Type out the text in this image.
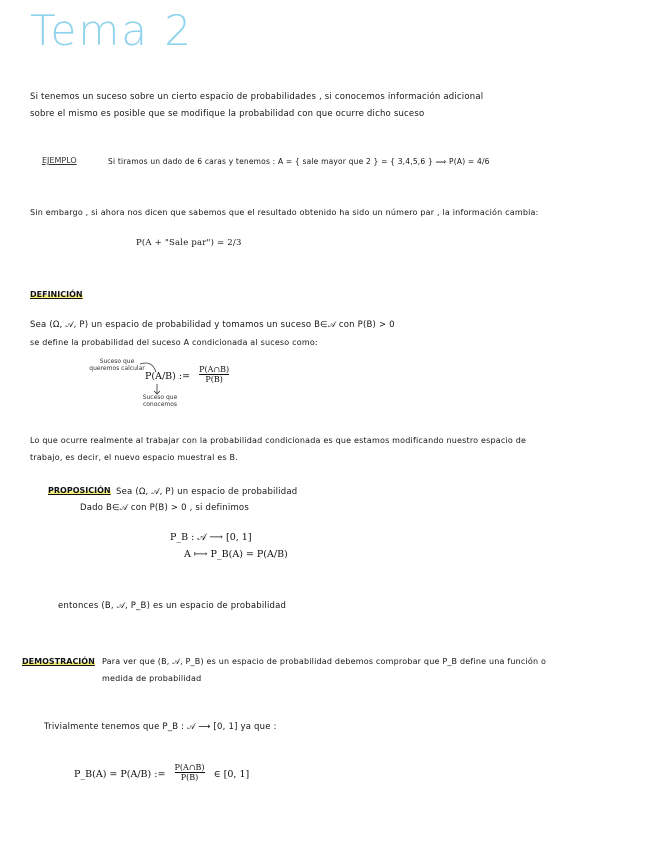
Tema 2
Si tenemos un suceso sobre un cierto espacio de probabilidades , si conocemos información adicional
sobre el mismo es posible que se modifique la probabilidad con que ocurre dicho suceso
EJEMPLO	Si tiramos un dado de 6 caras y tenemos : A = { sale mayor que 2 } = { 3,4,5,6 } ⟹ P(A) = 4/6
Sin embargo , si ahora nos dicen que sabemos que el resultado obtenido ha sido un número par , la información cambia:
P(A + "Sale par") = 2/3
DEFINICIÓN
Sea (Ω, 𝒜, P) un espacio de probabilidad y tomamos un suceso B∈𝒜 con P(B) > 0
se define la probabilidad del suceso A condicionada al suceso como:
Suceso que queremos calcular
P(A/B) := $\frac{P(A\cap B)}{P(B)}$
Suceso que conocemos
Lo que ocurre realmente al trabajar con la probabilidad condicionada es que estamos modificando nuestro espacio de
trabajo, es decir, el nuevo espacio muestral es B.
PROPOSICIÓN Sea (Ω, 𝒜, P) un espacio de probabilidad
Dado B∈𝒜 con P(B) > 0 , si definimos
P_B : 𝒜 ⟶ [0, 1]
A ⟼ P_B(A) = P(A/B)
entonces (B, 𝒜, P_B) es un espacio de probabilidad
DEMOSTRACIÓN Para ver que (B, 𝒜, P_B) es un espacio de probabilidad debemos comprobar que P_B define una función o
medida de probabilidad
Trivialmente tenemos que P_B : 𝒜 ⟶ [0, 1] ya que :
P_B(A) = P(A/B) := $\frac{P(A\cap B)}{P(B)}$ ∈ [0, 1]
